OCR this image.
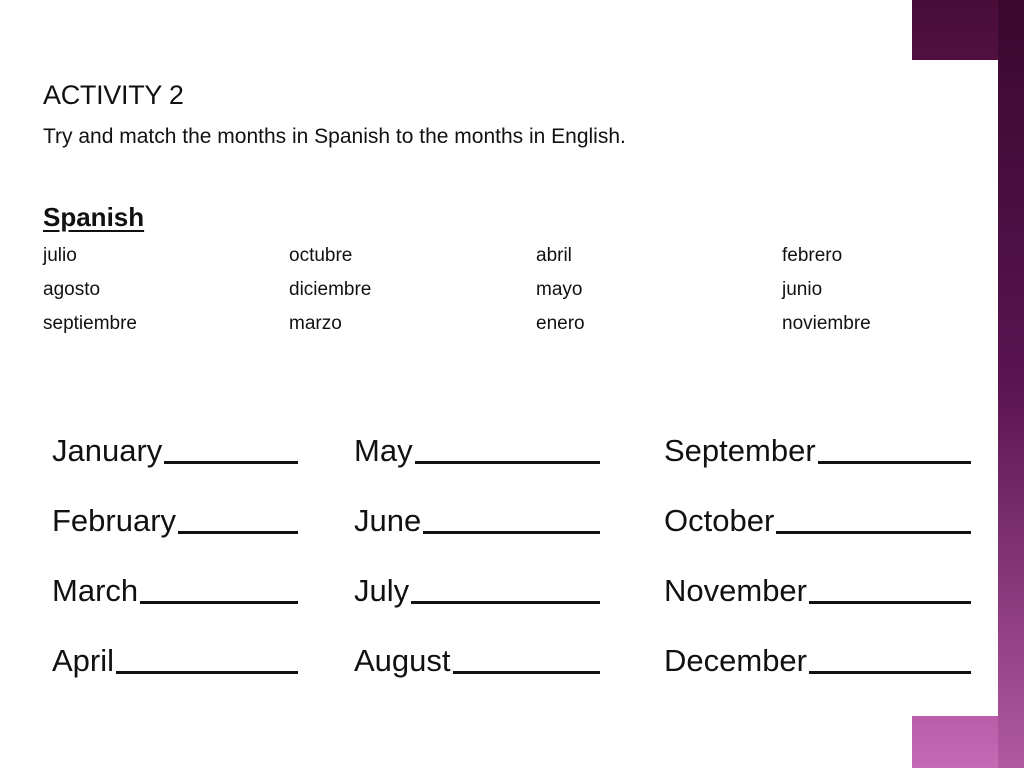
ACTIVITY 2

Try and match the months in Spanish to the months in English.

Spanish
julio	octubre	abril	febrero
agosto	diciembre	mayo	junio
septiembre	marzo	enero	noviembre
January	May	September
February	June	October
March	July	November
April	August	December
